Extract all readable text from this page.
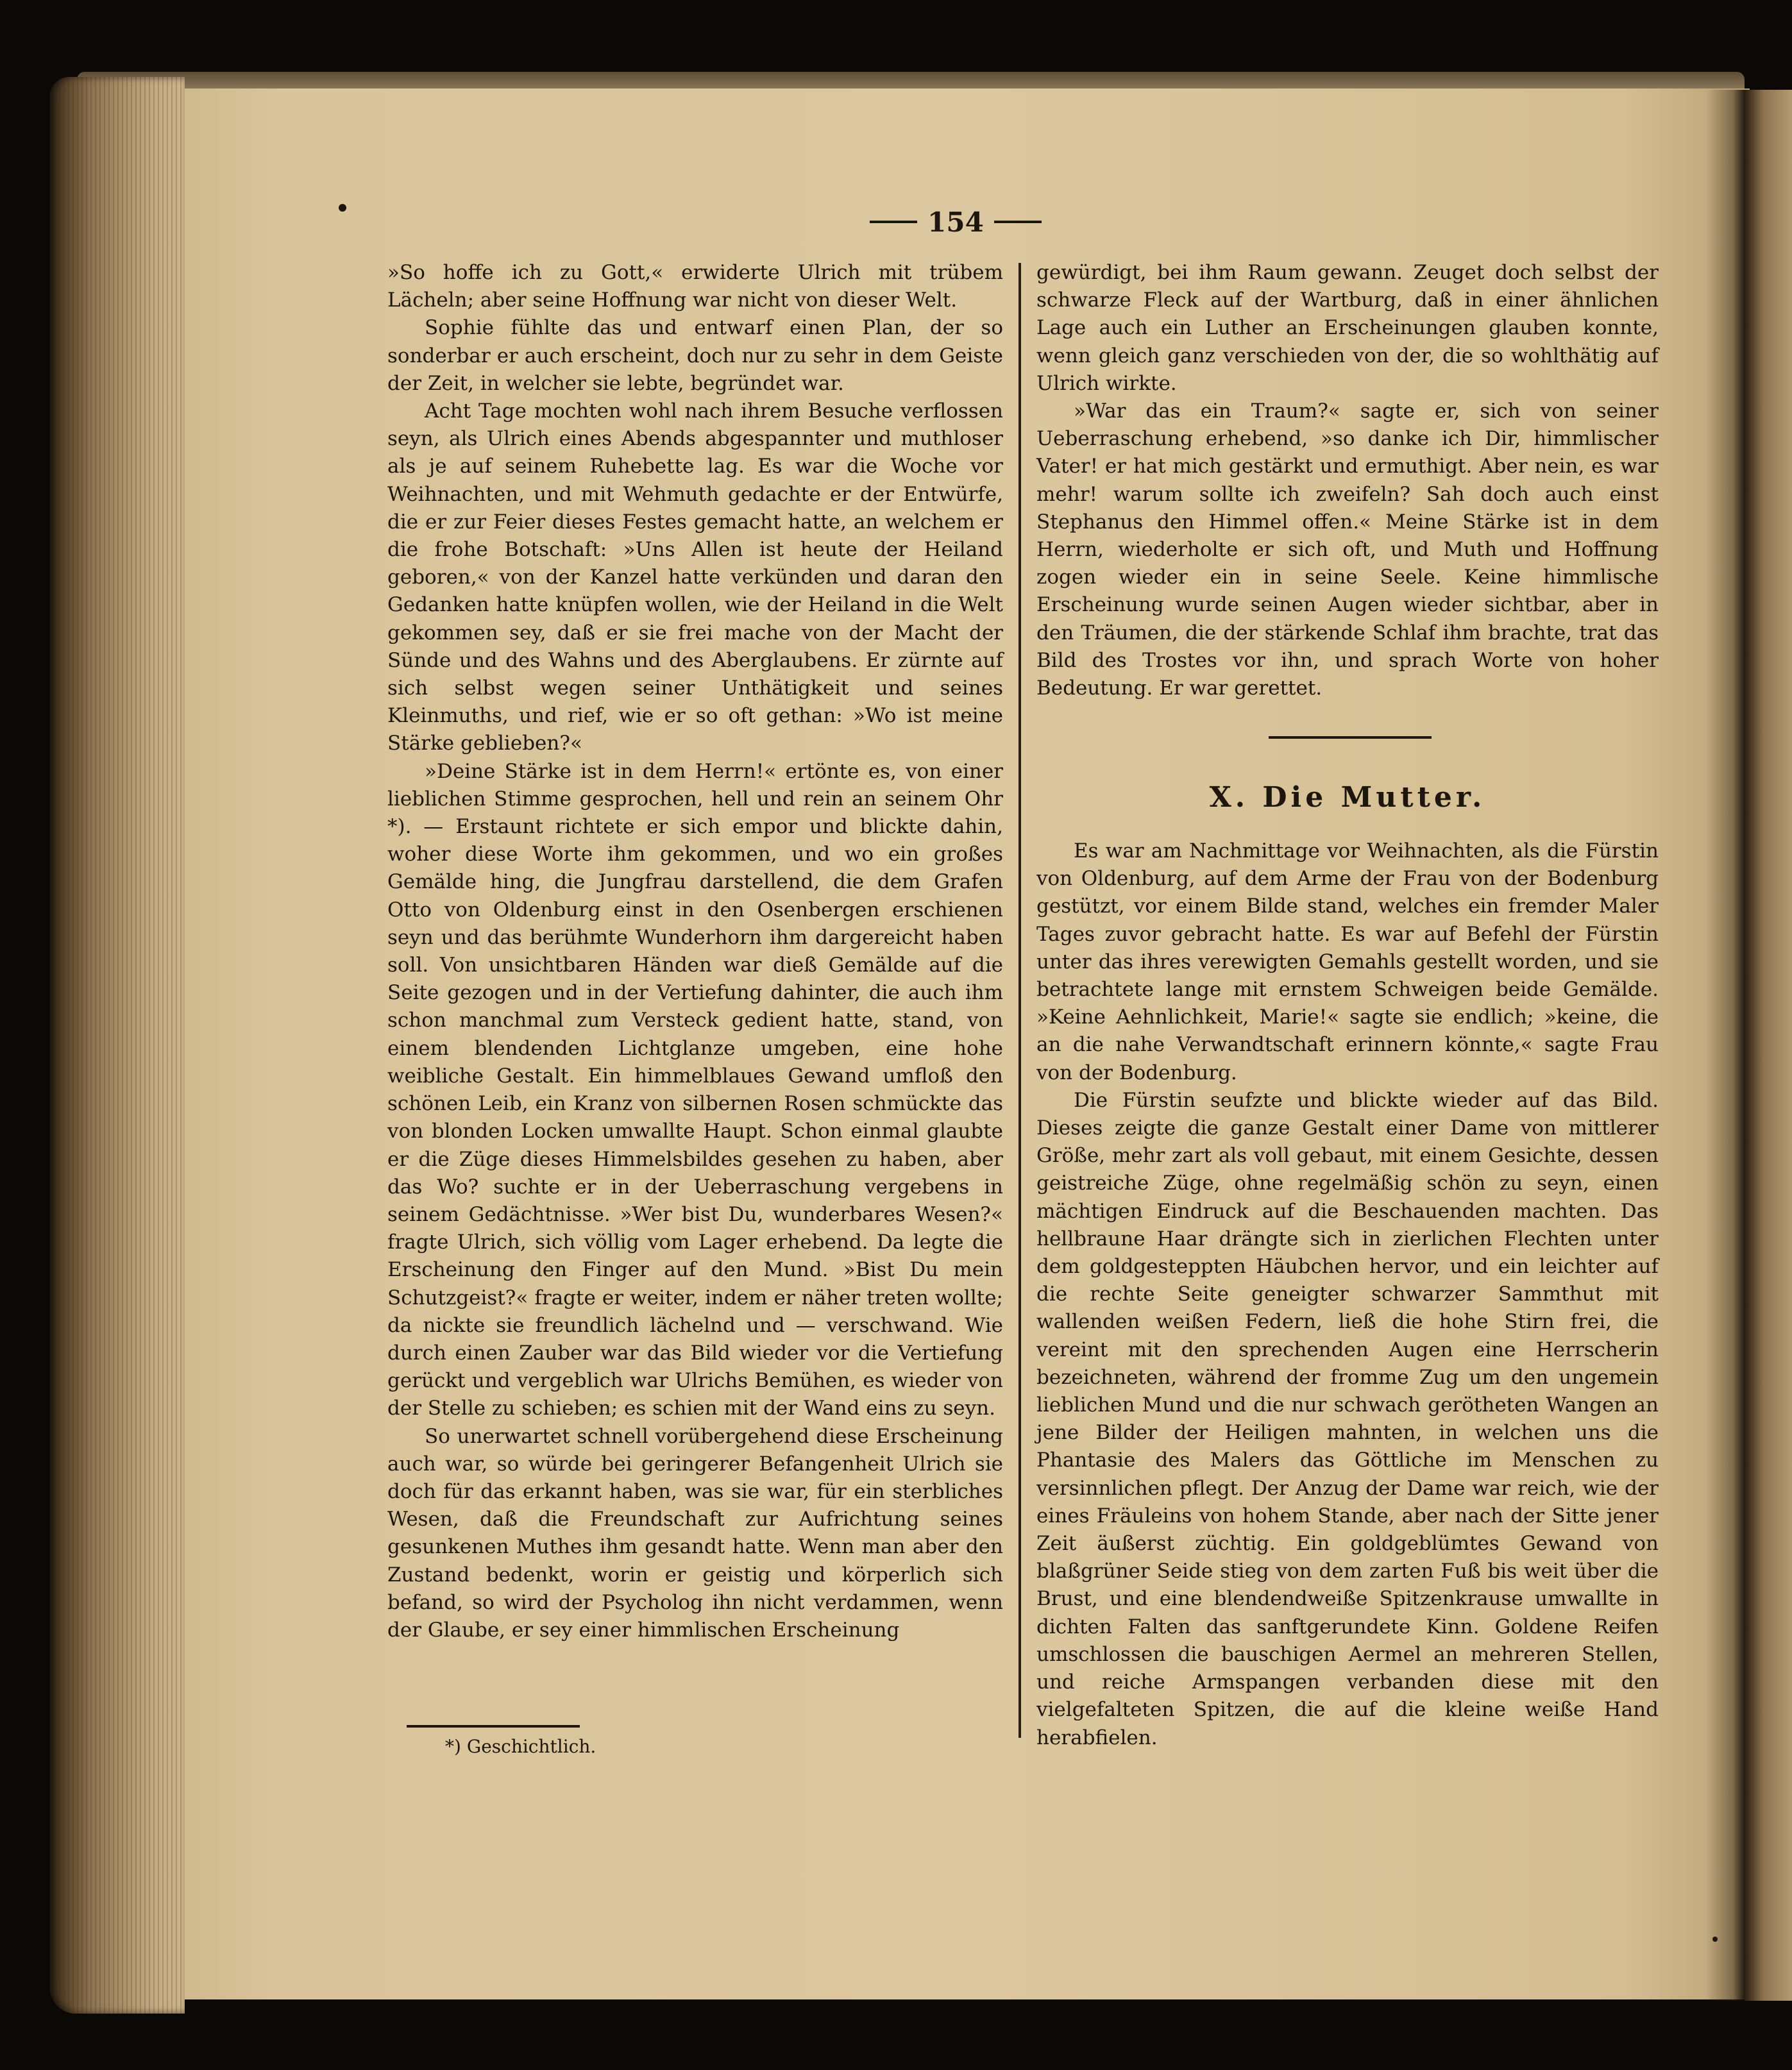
154

»So hoffe ich zu Gott,« erwiderte Ulrich mit trübem Lächeln; aber seine Hoffnung war nicht von dieser Welt.

Sophie fühlte das und entwarf einen Plan, der so sonderbar er auch erscheint, doch nur zu sehr in dem Geiste der Zeit, in welcher sie lebte, begründet war.

Acht Tage mochten wohl nach ihrem Besuche verflossen seyn, als Ulrich eines Abends abgespannter und muthloser als je auf seinem Ruhebette lag. Es war die Woche vor Weihnachten, und mit Wehmuth gedachte er der Entwürfe, die er zur Feier dieses Festes gemacht hatte, an welchem er die frohe Botschaft: »Uns Allen ist heute der Heiland geboren,« von der Kanzel hatte verkünden und daran den Gedanken hatte knüpfen wollen, wie der Heiland in die Welt gekommen sey, daß er sie frei mache von der Macht der Sünde und des Wahns und des Aberglaubens. Er zürnte auf sich selbst wegen seiner Unthätigkeit und seines Kleinmuths, und rief, wie er so oft gethan: »Wo ist meine Stärke geblieben?«

»Deine Stärke ist in dem Herrn!« ertönte es, von einer lieblichen Stimme gesprochen, hell und rein an seinem Ohr *). — Erstaunt richtete er sich empor und blickte dahin, woher diese Worte ihm gekommen, und wo ein großes Gemälde hing, die Jungfrau darstellend, die dem Grafen Otto von Oldenburg einst in den Osenbergen erschienen seyn und das berühmte Wunderhorn ihm dargereicht haben soll. Von unsichtbaren Händen war dieß Gemälde auf die Seite gezogen und in der Vertiefung dahinter, die auch ihm schon manchmal zum Versteck gedient hatte, stand, von einem blendenden Lichtglanze umgeben, eine hohe weibliche Gestalt. Ein himmelblaues Gewand umfloß den schönen Leib, ein Kranz von silbernen Rosen schmückte das von blonden Locken umwallte Haupt. Schon einmal glaubte er die Züge dieses Himmelsbildes gesehen zu haben, aber das Wo? suchte er in der Ueberraschung vergebens in seinem Gedächtnisse. »Wer bist Du, wunderbares Wesen?« fragte Ulrich, sich völlig vom Lager erhebend. Da legte die Erscheinung den Finger auf den Mund. »Bist Du mein Schutzgeist?« fragte er weiter, indem er näher treten wollte; da nickte sie freundlich lächelnd und — verschwand. Wie durch einen Zauber war das Bild wieder vor die Vertiefung gerückt und vergeblich war Ulrichs Bemühen, es wieder von der Stelle zu schieben; es schien mit der Wand eins zu seyn.

So unerwartet schnell vorübergehend diese Erscheinung auch war, so würde bei geringerer Befangenheit Ulrich sie doch für das erkannt haben, was sie war, für ein sterbliches Wesen, daß die Freundschaft zur Aufrichtung seines gesunkenen Muthes ihm gesandt hatte. Wenn man aber den Zustand bedenkt, worin er geistig und körperlich sich befand, so wird der Psycholog ihn nicht verdammen, wenn der Glaube, er sey einer himmlischen Erscheinung

*) Geschichtlich.

gewürdigt, bei ihm Raum gewann. Zeuget doch selbst der schwarze Fleck auf der Wartburg, daß in einer ähnlichen Lage auch ein Luther an Erscheinungen glauben konnte, wenn gleich ganz verschieden von der, die so wohlthätig auf Ulrich wirkte.

»War das ein Traum?« sagte er, sich von seiner Ueberraschung erhebend, »so danke ich Dir, himmlischer Vater! er hat mich gestärkt und ermuthigt. Aber nein, es war mehr! warum sollte ich zweifeln? Sah doch auch einst Stephanus den Himmel offen.« Meine Stärke ist in dem Herrn, wiederholte er sich oft, und Muth und Hoffnung zogen wieder ein in seine Seele. Keine himmlische Erscheinung wurde seinen Augen wieder sichtbar, aber in den Träumen, die der stärkende Schlaf ihm brachte, trat das Bild des Trostes vor ihn, und sprach Worte von hoher Bedeutung. Er war gerettet.

X. Die Mutter.

Es war am Nachmittage vor Weihnachten, als die Fürstin von Oldenburg, auf dem Arme der Frau von der Bodenburg gestützt, vor einem Bilde stand, welches ein fremder Maler Tages zuvor gebracht hatte. Es war auf Befehl der Fürstin unter das ihres verewigten Gemahls gestellt worden, und sie betrachtete lange mit ernstem Schweigen beide Gemälde. »Keine Aehnlichkeit, Marie!« sagte sie endlich; »keine, die an die nahe Verwandtschaft erinnern könnte,« sagte Frau von der Bodenburg.

Die Fürstin seufzte und blickte wieder auf das Bild. Dieses zeigte die ganze Gestalt einer Dame von mittlerer Größe, mehr zart als voll gebaut, mit einem Gesichte, dessen geistreiche Züge, ohne regelmäßig schön zu seyn, einen mächtigen Eindruck auf die Beschauenden machten. Das hellbraune Haar drängte sich in zierlichen Flechten unter dem goldgesteppten Häubchen hervor, und ein leichter auf die rechte Seite geneigter schwarzer Sammthut mit wallenden weißen Federn, ließ die hohe Stirn frei, die vereint mit den sprechenden Augen eine Herrscherin bezeichneten, während der fromme Zug um den ungemein lieblichen Mund und die nur schwach gerötheten Wangen an jene Bilder der Heiligen mahnten, in welchen uns die Phantasie des Malers das Göttliche im Menschen zu versinnlichen pflegt. Der Anzug der Dame war reich, wie der eines Fräuleins von hohem Stande, aber nach der Sitte jener Zeit äußerst züchtig. Ein goldgeblümtes Gewand von blaßgrüner Seide stieg von dem zarten Fuß bis weit über die Brust, und eine blendendweiße Spitzenkrause umwallte in dichten Falten das sanftgerundete Kinn. Goldene Reifen umschlossen die bauschigen Aermel an mehreren Stellen, und reiche Armspangen verbanden diese mit den vielgefalteten Spitzen, die auf die kleine weiße Hand herabfielen.
